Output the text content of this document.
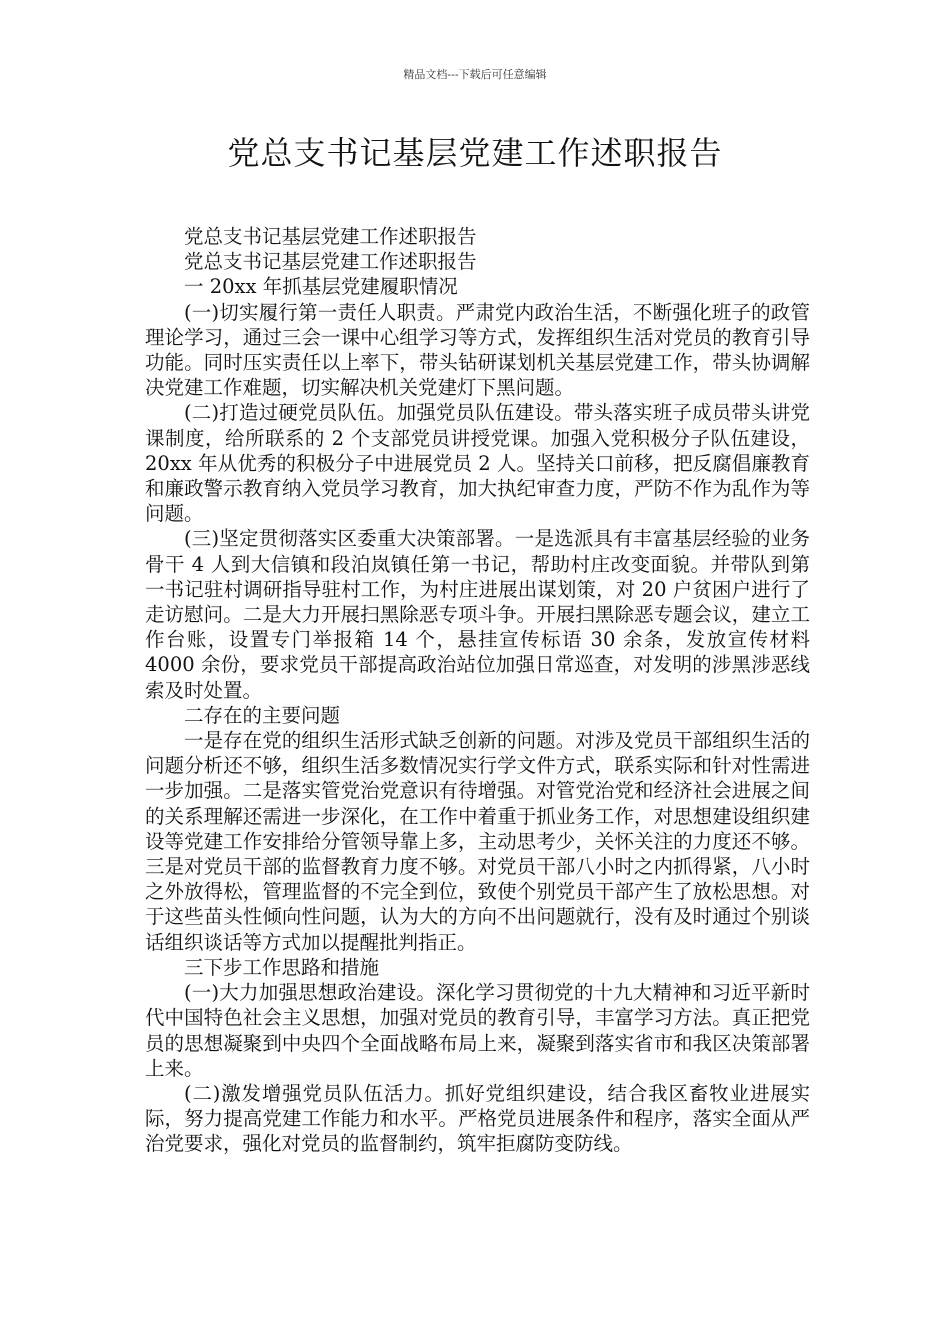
精品文档---下载后可任意编辑
党总支书记基层党建工作述职报告

党总支书记基层党建工作述职报告

党总支书记基层党建工作述职报告

一 20xx 年抓基层党建履职情况

(一)切实履行第一责任人职责。严肃党内政治生活，不断强化班子的政管理论学习，通过三会一课中心组学习等方式，发挥组织生活对党员的教育引导功能。同时压实责任以上率下，带头钻研谋划机关基层党建工作，带头协调解决党建工作难题，切实解决机关党建灯下黑问题。

(二)打造过硬党员队伍。加强党员队伍建设。带头落实班子成员带头讲党课制度，给所联系的 2 个支部党员讲授党课。加强入党积极分子队伍建设，20xx 年从优秀的积极分子中进展党员 2 人。坚持关口前移，把反腐倡廉教育和廉政警示教育纳入党员学习教育，加大执纪审查力度，严防不作为乱作为等问题。

(三)坚定贯彻落实区委重大决策部署。一是选派具有丰富基层经验的业务骨干 4 人到大信镇和段泊岚镇任第一书记，帮助村庄改变面貌。并带队到第一书记驻村调研指导驻村工作，为村庄进展出谋划策，对 20 户贫困户进行了走访慰问。二是大力开展扫黑除恶专项斗争。开展扫黑除恶专题会议，建立工作台账，设置专门举报箱 14 个，悬挂宣传标语 30 余条，发放宣传材料 4000 余份，要求党员干部提高政治站位加强日常巡查，对发明的涉黑涉恶线索及时处置。

二存在的主要问题

一是存在党的组织生活形式缺乏创新的问题。对涉及党员干部组织生活的问题分析还不够，组织生活多数情况实行学文件方式，联系实际和针对性需进一步加强。二是落实管党治党意识有待增强。对管党治党和经济社会进展之间的关系理解还需进一步深化，在工作中着重于抓业务工作，对思想建设组织建设等党建工作安排给分管领导靠上多，主动思考少，关怀关注的力度还不够。三是对党员干部的监督教育力度不够。对党员干部八小时之内抓得紧，八小时之外放得松，管理监督的不完全到位，致使个别党员干部产生了放松思想。对于这些苗头性倾向性问题，认为大的方向不出问题就行，没有及时通过个别谈话组织谈话等方式加以提醒批判指正。

三下步工作思路和措施

(一)大力加强思想政治建设。深化学习贯彻党的十九大精神和习近平新时代中国特色社会主义思想，加强对党员的教育引导，丰富学习方法。真正把党员的思想凝聚到中央四个全面战略布局上来，凝聚到落实省市和我区决策部署上来。

(二)激发增强党员队伍活力。抓好党组织建设，结合我区畜牧业进展实际，努力提高党建工作能力和水平。严格党员进展条件和程序，落实全面从严治党要求，强化对党员的监督制约，筑牢拒腐防变防线。
